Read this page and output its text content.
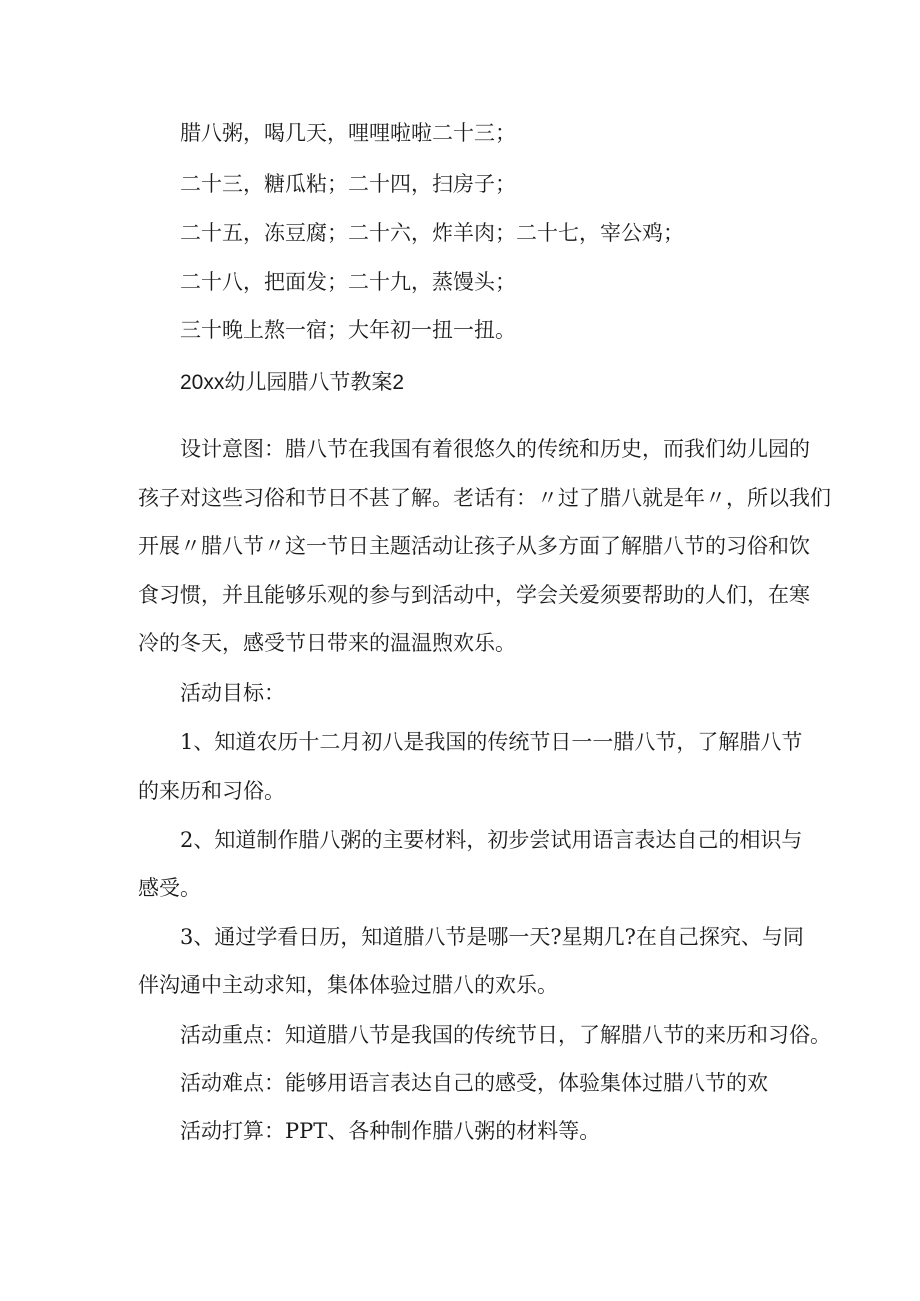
腊八粥，喝几天，哩哩啦啦二十三；
二十三，糖瓜粘；二十四，扫房子；
二十五，冻豆腐；二十六，炸羊肉；二十七，宰公鸡；
二十八，把面发；二十九，蒸馒头；
三十晚上熬一宿；大年初一扭一扭。
20xx幼儿园腊八节教案2
设计意图：腊八节在我国有着很悠久的传统和历史，而我们幼儿园的
孩子对这些习俗和节日不甚了解。老话有：〃过了腊八就是年〃，所以我们
开展〃腊八节〃这一节日主题活动让孩子从多方面了解腊八节的习俗和饮
食习惯，并且能够乐观的参与到活动中，学会关爱须要帮助的人们，在寒
冷的冬天，感受节日带来的温温煦欢乐。
活动目标：
1、知道农历十二月初八是我国的传统节日一一腊八节，了解腊八节
的来历和习俗。
2、知道制作腊八粥的主要材料，初步尝试用语言表达自己的相识与
感受。
3、通过学看日历，知道腊八节是哪一天?星期几?在自己探究、与同
伴沟通中主动求知，集体体验过腊八的欢乐。
活动重点：知道腊八节是我国的传统节日，了解腊八节的来历和习俗。
活动难点：能够用语言表达自己的感受，体验集体过腊八节的欢
活动打算：PPT、各种制作腊八粥的材料等。
